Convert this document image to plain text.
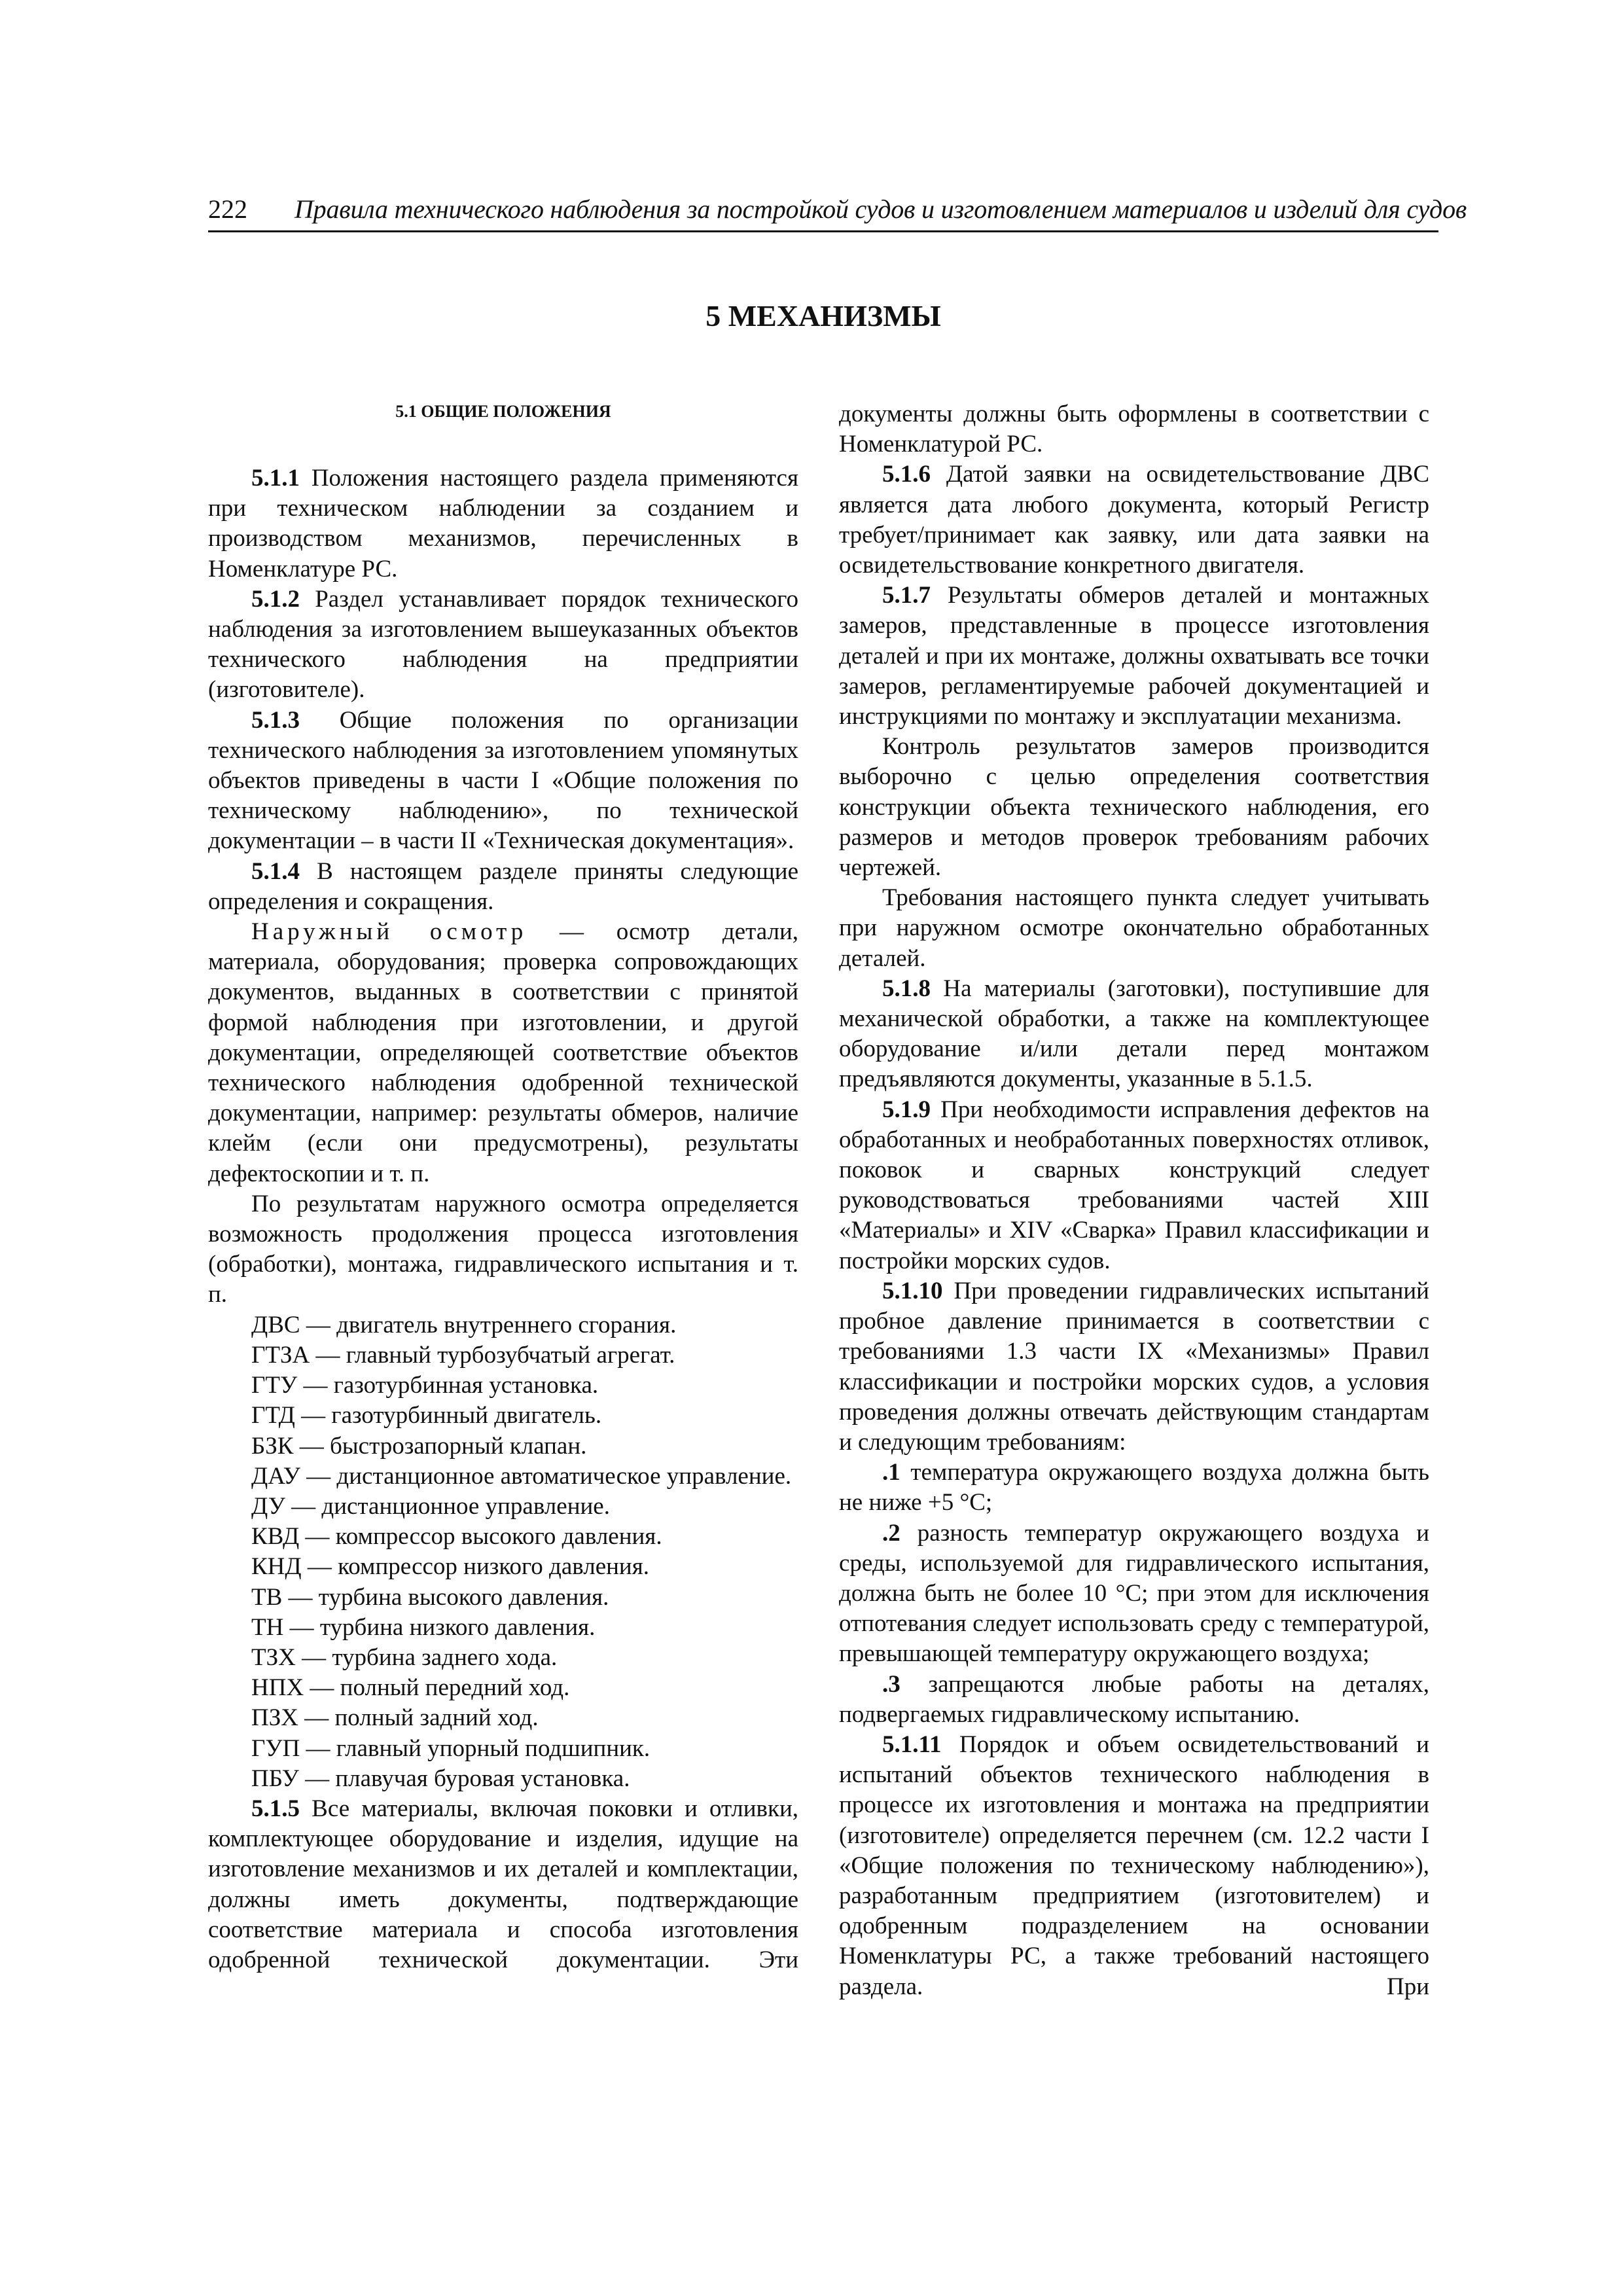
222 Правила технического наблюдения за постройкой судов и изготовлением материалов и изделий для судов
5 МЕХАНИЗМЫ
5.1 ОБЩИЕ ПОЛОЖЕНИЯ

5.1.1 Положения настоящего раздела применяются при техническом наблюдении за созданием и производством механизмов, перечисленных в Номенклатуре РС.

5.1.2 Раздел устанавливает порядок технического наблюдения за изготовлением вышеуказанных объектов технического наблюдения на предприятии (изготовителе).

5.1.3 Общие положения по организации технического наблюдения за изготовлением упомянутых объектов приведены в части I «Общие положения по техническому наблюдению», по технической документации – в части II «Техническая документация».

5.1.4 В настоящем разделе приняты следующие определения и сокращения.

Наружный осмотр — осмотр детали, материала, оборудования; проверка сопровождающих документов, выданных в соответствии с принятой формой наблюдения при изготовлении, и другой документации, определяющей соответствие объектов технического наблюдения одобренной технической документации, например: результаты обмеров, наличие клейм (если они предусмотрены), результаты дефектоскопии и т. п.

По результатам наружного осмотра определяется возможность продолжения процесса изготовления (обработки), монтажа, гидравлического испытания и т. п.

ДВС — двигатель внутреннего сгорания.

ГТЗА — главный турбозубчатый агрегат.

ГТУ — газотурбинная установка.

ГТД — газотурбинный двигатель.

БЗК — быстрозапорный клапан.

ДАУ — дистанционное автоматическое управление.

ДУ — дистанционное управление.

КВД — компрессор высокого давления.

КНД — компрессор низкого давления.

ТВ — турбина высокого давления.

ТН — турбина низкого давления.

ТЗХ — турбина заднего хода.

НПХ — полный передний ход.

ПЗХ — полный задний ход.

ГУП — главный упорный подшипник.

ПБУ — плавучая буровая установка.

5.1.5 Все материалы, включая поковки и отливки, комплектующее оборудование и изделия, идущие на изготовление механизмов и их деталей и комплектации, должны иметь документы, подтверждающие соответствие материала и способа изготовления одобренной технической документации. Эти

документы должны быть оформлены в соответствии с Номенклатурой РС.

5.1.6 Датой заявки на освидетельствование ДВС является дата любого документа, который Регистр требует/принимает как заявку, или дата заявки на освидетельствование конкретного двигателя.

5.1.7 Результаты обмеров деталей и монтажных замеров, представленные в процессе изготовления деталей и при их монтаже, должны охватывать все точки замеров, регламентируемые рабочей документацией и инструкциями по монтажу и эксплуатации механизма.

Контроль результатов замеров производится выборочно с целью определения соответствия конструкции объекта технического наблюдения, его размеров и методов проверок требованиям рабочих чертежей.

Требования настоящего пункта следует учитывать при наружном осмотре окончательно обработанных деталей.

5.1.8 На материалы (заготовки), поступившие для механической обработки, а также на комплектующее оборудование и/или детали перед монтажом предъявляются документы, указанные в 5.1.5.

5.1.9 При необходимости исправления дефектов на обработанных и необработанных поверхностях отливок, поковок и сварных конструкций следует руководствоваться требованиями частей XIII «Материалы» и XIV «Сварка» Правил классификации и постройки морских судов.

5.1.10 При проведении гидравлических испытаний пробное давление принимается в соответствии с требованиями 1.3 части IX «Механизмы» Правил классификации и постройки морских судов, а условия проведения должны отвечать действующим стандартам и следующим требованиям:

.1 температура окружающего воздуха должна быть не ниже +5 °С;

.2 разность температур окружающего воздуха и среды, используемой для гидравлического испытания, должна быть не более 10 °С; при этом для исключения отпотевания следует использовать среду с температурой, превышающей температуру окружающего воздуха;

.3 запрещаются любые работы на деталях, подвергаемых гидравлическому испытанию.

5.1.11 Порядок и объем освидетельствований и испытаний объектов технического наблюдения в процессе их изготовления и монтажа на предприятии (изготовителе) определяется перечнем (см. 12.2 части I «Общие положения по техническому наблюдению»), разработанным предприятием (изготовителем) и одобренным подразделением на основании Номенклатуры РС, а также требований настоящего раздела. При
